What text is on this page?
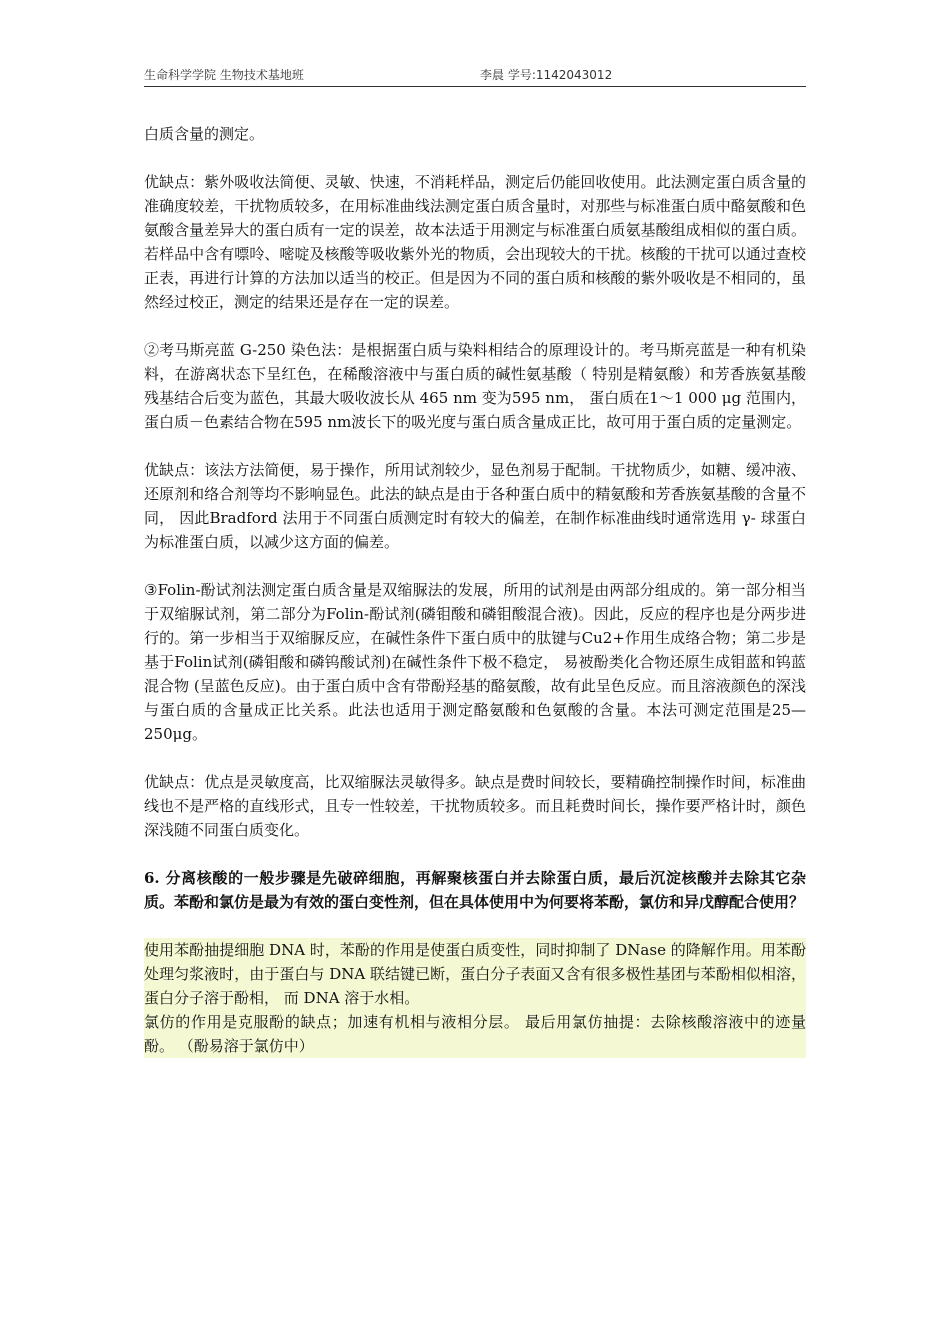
生命科学学院 生物技术基地班	李晨 学号:1142043012

白质含量的测定。

优缺点：紫外吸收法简便、灵敏、快速，不消耗样品，测定后仍能回收使用。此法测定蛋白质含量的准确度较差，干扰物质较多，在用标准曲线法测定蛋白质含量时，对那些与标准蛋白质中酪氨酸和色氨酸含量差异大的蛋白质有一定的误差，故本法适于用测定与标准蛋白质氨基酸组成相似的蛋白质。若样品中含有嘌呤、嘧啶及核酸等吸收紫外光的物质，会出现较大的干扰。核酸的干扰可以通过查校正表，再进行计算的方法加以适当的校正。但是因为不同的蛋白质和核酸的紫外吸收是不相同的，虽然经过校正，测定的结果还是存在一定的误差。

②考马斯亮蓝 G-250 染色法：是根据蛋白质与染料相结合的原理设计的。考马斯亮蓝是一种有机染料，在游离状态下呈红色，在稀酸溶液中与蛋白质的碱性氨基酸（ 特别是精氨酸）和芳香族氨基酸残基结合后变为蓝色，其最大吸收波长从 465 nm 变为595 nm， 蛋白质在1～1 000 μg 范围内， 蛋白质－色素结合物在595 nm波长下的吸光度与蛋白质含量成正比，故可用于蛋白质的定量测定。

优缺点：该法方法简便，易于操作，所用试剂较少，显色剂易于配制。干扰物质少，如糖、缓冲液、还原剂和络合剂等均不影响显色。此法的缺点是由于各种蛋白质中的精氨酸和芳香族氨基酸的含量不同， 因此Bradford 法用于不同蛋白质测定时有较大的偏差，在制作标准曲线时通常选用 γ- 球蛋白为标准蛋白质，以减少这方面的偏差。

③Folin-酚试剂法测定蛋白质含量是双缩脲法的发展，所用的试剂是由两部分组成的。第一部分相当于双缩脲试剂，第二部分为Folin-酚试剂(磷钼酸和磷钼酸混合液)。因此，反应的程序也是分两步进行的。第一步相当于双缩脲反应，在碱性条件下蛋白质中的肽键与Cu2+作用生成络合物；第二步是基于Folin试剂(磷钼酸和磷钨酸试剂)在碱性条件下极不稳定， 易被酚类化合物还原生成钼蓝和钨蓝混合物 (呈蓝色反应)。由于蛋白质中含有带酚羟基的酪氨酸，故有此呈色反应。而且溶液颜色的深浅与蛋白质的含量成正比关系。此法也适用于测定酪氨酸和色氨酸的含量。本法可测定范围是25—250μg。

优缺点：优点是灵敏度高，比双缩脲法灵敏得多。缺点是费时间较长，要精确控制操作时间，标准曲线也不是严格的直线形式，且专一性较差，干扰物质较多。而且耗费时间长，操作要严格计时，颜色深浅随不同蛋白质变化。

6. 分离核酸的一般步骤是先破碎细胞，再解聚核蛋白并去除蛋白质，最后沉淀核酸并去除其它杂质。苯酚和氯仿是最为有效的蛋白变性剂，但在具体使用中为何要将苯酚，氯仿和异戊醇配合使用？

使用苯酚抽提细胞 DNA 时，苯酚的作用是使蛋白质变性，同时抑制了 DNase 的降解作用。用苯酚处理匀浆液时，由于蛋白与 DNA 联结键已断，蛋白分子表面又含有很多极性基团与苯酚相似相溶， 蛋白分子溶于酚相， 而 DNA 溶于水相。

氯仿的作用是克服酚的缺点；加速有机相与液相分层。 最后用氯仿抽提：去除核酸溶液中的迹量酚。 （酚易溶于氯仿中）
